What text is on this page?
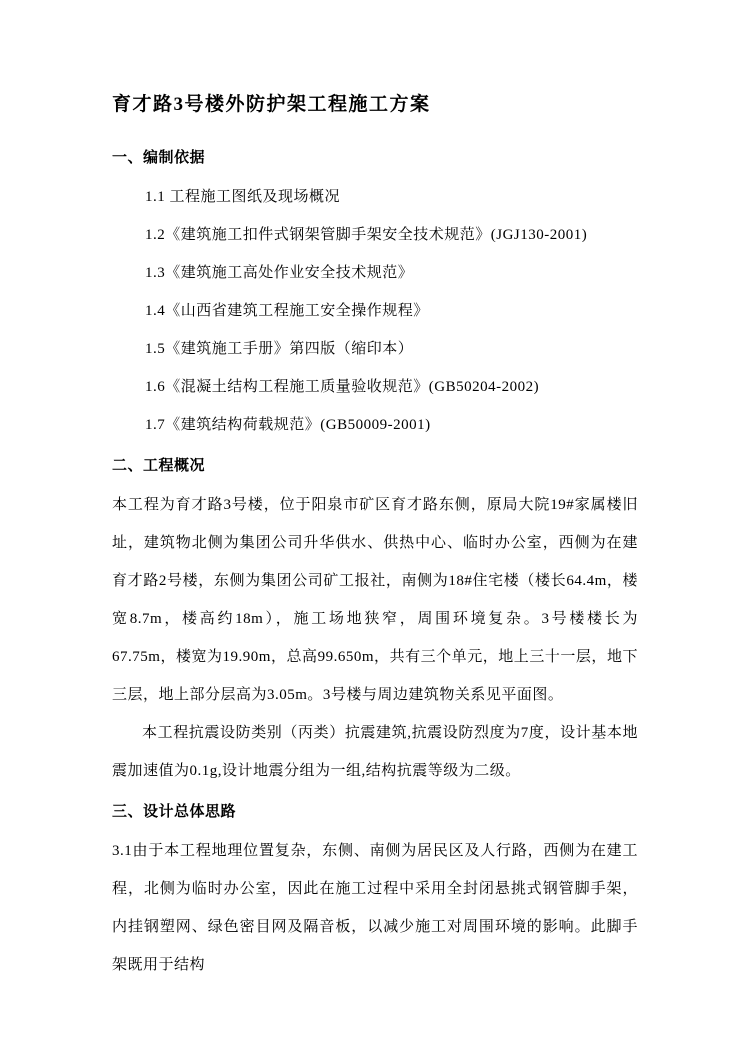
育才路3号楼外防护架工程施工方案
一、编制依据

1.1 工程施工图纸及现场概况

1.2《建筑施工扣件式钢架管脚手架安全技术规范》(JGJ130-2001)

1.3《建筑施工高处作业安全技术规范》

1.4《山西省建筑工程施工安全操作规程》

1.5《建筑施工手册》第四版（缩印本）

1.6《混凝土结构工程施工质量验收规范》(GB50204-2002)

1.7《建筑结构荷载规范》(GB50009-2001)

二、工程概况

本工程为育才路3号楼，位于阳泉市矿区育才路东侧，原局大院19#家属楼旧址，建筑物北侧为集团公司升华供水、供热中心、临时办公室，西侧为在建育才路2号楼，东侧为集团公司矿工报社，南侧为18#住宅楼（楼长64.4m，楼宽8.7m，楼高约18m），施工场地狭窄，周围环境复杂。3号楼楼长为67.75m，楼宽为19.90m，总高99.650m，共有三个单元，地上三十一层，地下三层，地上部分层高为3.05m。3号楼与周边建筑物关系见平面图。

本工程抗震设防类别（丙类）抗震建筑,抗震设防烈度为7度，设计基本地震加速值为0.1g,设计地震分组为一组,结构抗震等级为二级。

三、设计总体思路

3.1由于本工程地理位置复杂，东侧、南侧为居民区及人行路，西侧为在建工程，北侧为临时办公室，因此在施工过程中采用全封闭悬挑式钢管脚手架，内挂钢塑网、绿色密目网及隔音板，以减少施工对周围环境的影响。此脚手架既用于结构
